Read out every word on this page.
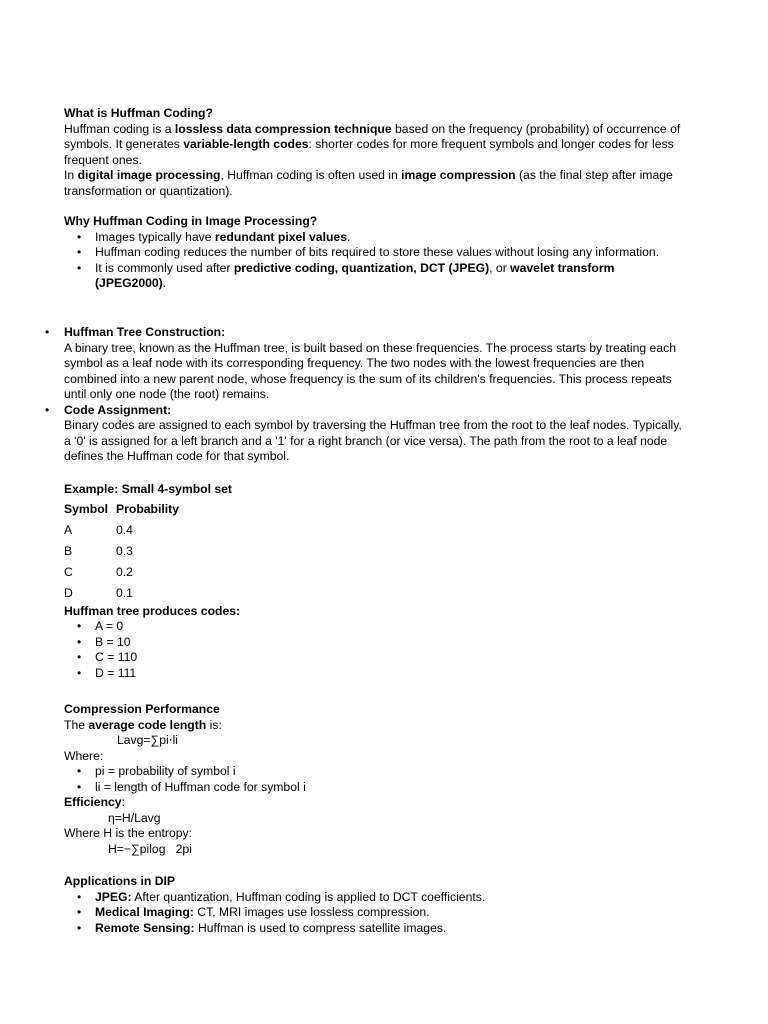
What is Huffman Coding?

Huffman coding is a lossless data compression technique based on the frequency (probability) of occurrence of symbols. It generates variable-length codes: shorter codes for more frequent symbols and longer codes for less frequent ones.

In digital image processing, Huffman coding is often used in image compression (as the final step after image transformation or quantization).

Why Huffman Coding in Image Processing?

• Images typically have redundant pixel values.
• Huffman coding reduces the number of bits required to store these values without losing any information.
• It is commonly used after predictive coding, quantization, DCT (JPEG), or wavelet transform (JPEG2000).

• Huffman Tree Construction:

A binary tree, known as the Huffman tree, is built based on these frequencies. The process starts by treating each symbol as a leaf node with its corresponding frequency. The two nodes with the lowest frequencies are then combined into a new parent node, whose frequency is the sum of its children's frequencies. This process repeats until only one node (the root) remains.

• Code Assignment:

Binary codes are assigned to each symbol by traversing the Huffman tree from the root to the leaf nodes. Typically, a '0' is assigned for a left branch and a '1' for a right branch (or vice versa). The path from the root to a leaf node defines the Huffman code for that symbol.

Example: Small 4-symbol set

Symbol	Probability
A	0.4
B	0.3
C	0.2
D	0.1

Huffman tree produces codes:

• A = 0
• B = 10
• C = 110
• D = 111

Compression Performance

The average code length is:

Lavg=∑pi⋅li

Where:

• pi = probability of symbol i
• li = length of Huffman code for symbol i

Efficiency:

η=H/Lavg

Where H is the entropy:

H=−∑pilog   2pi

Applications in DIP

• JPEG: After quantization, Huffman coding is applied to DCT coefficients.
• Medical Imaging: CT, MRI images use lossless compression.
• Remote Sensing: Huffman is used to compress satellite images.
